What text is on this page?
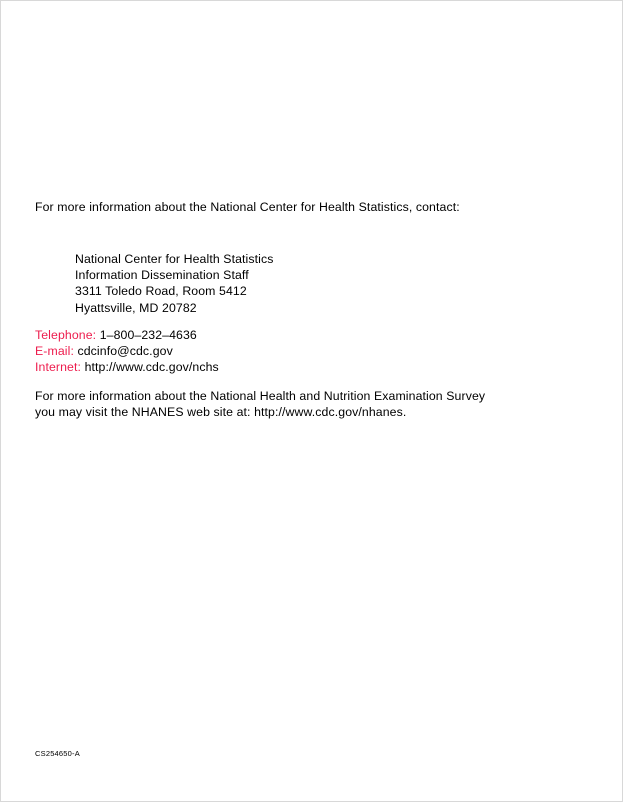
For more information about the National Center for Health Statistics, contact:

National Center for Health Statistics
Information Dissemination Staff
3311 Toledo Road, Room 5412
Hyattsville, MD 20782
Telephone: 1–800–232–4636
E-mail: cdcinfo@cdc.gov
Internet: http://www.cdc.gov/nchs
For more information about the National Health and Nutrition Examination Survey
you may visit the NHANES web site at: http://www.cdc.gov/nhanes.
CS254650-A
